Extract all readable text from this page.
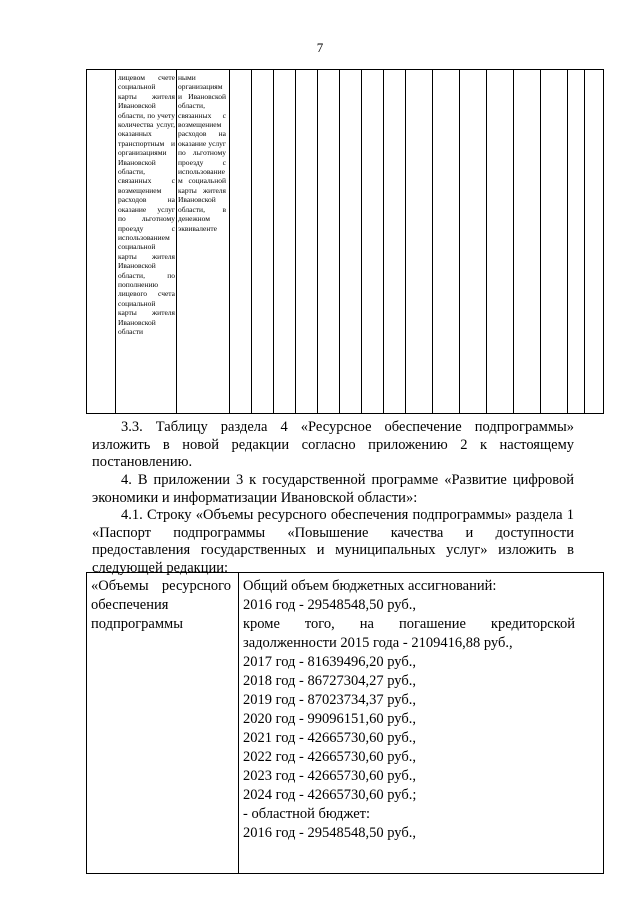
7
лицевом счете социальной карты жителя Ивановской области, по учету количества услуг, оказанных транспортным и организациями Ивановской области, связанных с возмещением расходов на оказание услуг по льготному проезду с использованием социальной карты жителя Ивановской области, по пополнению лицевого счета социальной карты жителя Ивановской области
ными организациями Ивановской области, связанных с возмещением расходов на оказание услуг по льготному проезду с использованием социальной карты жителя Ивановской области, в денежном эквиваленте

3.3. Таблицу раздела 4 «Ресурсное обеспечение подпрограммы» изложить в новой редакции согласно приложению 2 к настоящему постановлению.

4. В приложении 3 к государственной программе «Развитие цифровой экономики и информатизации Ивановской области»:

4.1. Строку «Объемы ресурсного обеспечения подпрограммы» раздела 1 «Паспорт подпрограммы «Повышение качества и доступности предоставления государственных и муниципальных услуг» изложить в следующей редакции:

«Объемы ресурсного обеспечения подпрограммы
Общий объем бюджетных ассигнований:
2016 год - 29548548,50 руб.,
кроме того, на погашение кредиторской задолженности 2015 года - 2109416,88 руб.,
2017 год - 81639496,20 руб.,
2018 год - 86727304,27 руб.,
2019 год - 87023734,37 руб.,
2020 год - 99096151,60 руб.,
2021 год - 42665730,60 руб.,
2022 год - 42665730,60 руб.,
2023 год - 42665730,60 руб.,
2024 год - 42665730,60 руб.;
- областной бюджет:
2016 год - 29548548,50 руб.,
